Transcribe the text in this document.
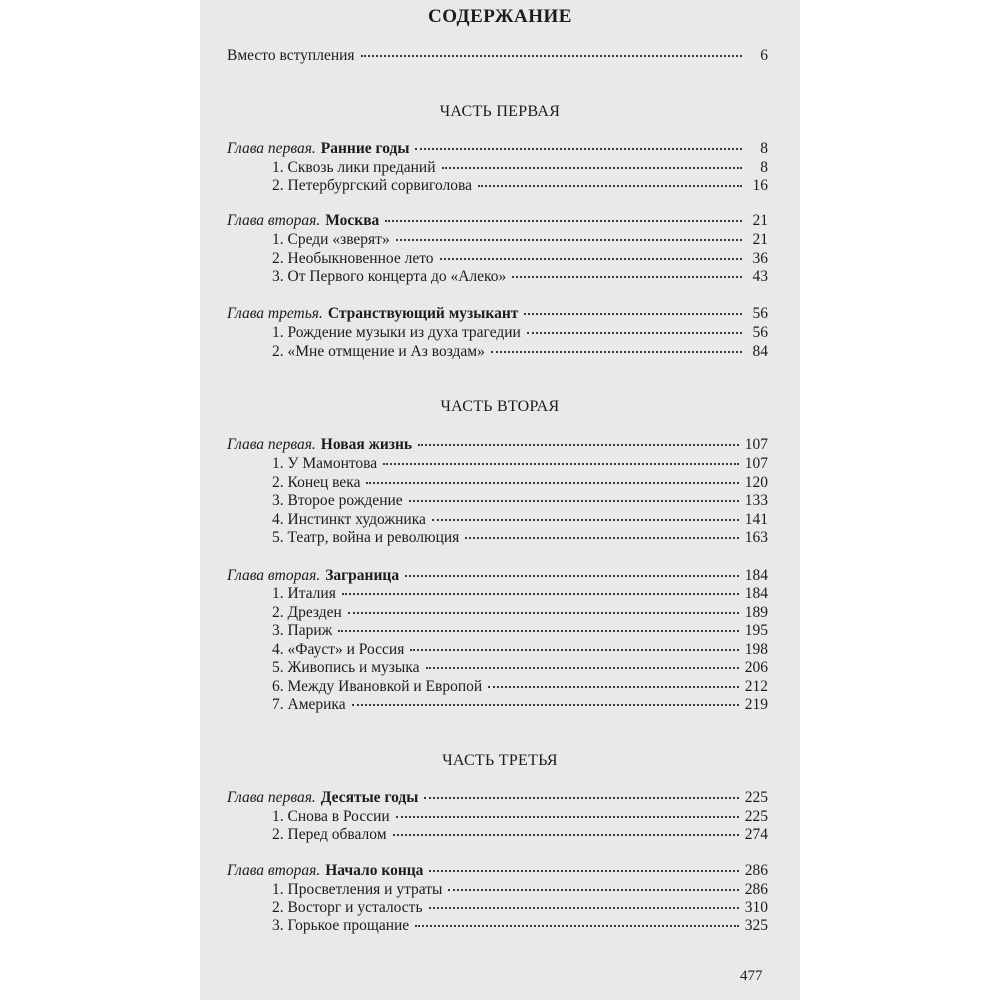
СОДЕРЖАНИЕ
Вместо вступления	6
ЧАСТЬ ПЕРВАЯ
Глава первая. Ранние годы	8
1. Сквозь лики преданий	8
2. Петербургский сорвиголова	16
Глава вторая. Москва	21
1. Среди «зверят»	21
2. Необыкновенное лето	36
3. От Первого концерта до «Алеко»	43
Глава третья. Странствующий музыкант	56
1. Рождение музыки из духа трагедии	56
2. «Мне отмщение и Аз воздам»	84
ЧАСТЬ ВТОРАЯ
Глава первая. Новая жизнь	107
1. У Мамонтова	107
2. Конец века	120
3. Второе рождение	133
4. Инстинкт художника	141
5. Театр, война и революция	163
Глава вторая. Заграница	184
1. Италия	184
2. Дрезден	189
3. Париж	195
4. «Фауст» и Россия	198
5. Живопись и музыка	206
6. Между Ивановкой и Европой	212
7. Америка	219
ЧАСТЬ ТРЕТЬЯ
Глава первая. Десятые годы	225
1. Снова в России	225
2. Перед обвалом	274
Глава вторая. Начало конца	286
1. Просветления и утраты	286
2. Восторг и усталость	310
3. Горькое прощание	325
477
